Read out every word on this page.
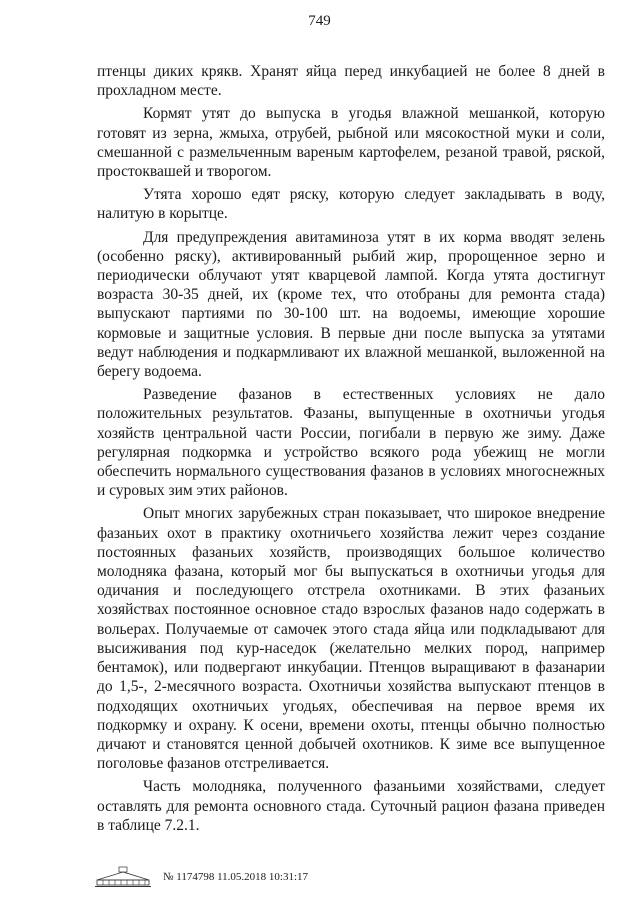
749

птенцы диких крякв. Хранят яйца перед инкубацией не более 8 дней в прохладном месте.

Кормят утят до выпуска в угодья влажной мешанкой, которую готовят из зерна, жмыха, отрубей, рыбной или мясокостной муки и соли, смешанной с размельченным вареным картофелем, резаной травой, ряской, простоквашей и творогом.

Утята хорошо едят ряску, которую следует закладывать в воду, налитую в корытце.

Для предупреждения авитаминоза утят в их корма вводят зелень (особенно ряску), активированный рыбий жир, пророщенное зерно и периодически облучают утят кварцевой лампой. Когда утята достигнут возраста 30-35 дней, их (кроме тех, что отобраны для ремонта стада) выпускают партиями по 30-100 шт. на водоемы, имеющие хорошие кормовые и защитные условия. В первые дни после выпуска за утятами ведут наблюдения и подкармливают их влажной мешанкой, выложенной на берегу водоема.

Разведение фазанов в естественных условиях не дало положительных результатов. Фазаны, выпущенные в охотничьи угодья хозяйств центральной части России, погибали в первую же зиму. Даже регулярная подкормка и устройство всякого рода убежищ не могли обеспечить нормального существования фазанов в условиях многоснежных и суровых зим этих районов.

Опыт многих зарубежных стран показывает, что широкое внедрение фазаньих охот в практику охотничьего хозяйства лежит через создание постоянных фазаньих хозяйств, производящих большое количество молодняка фазана, который мог бы выпускаться в охотничьи угодья для одичания и последующего отстрела охотниками. В этих фазаньих хозяйствах постоянное основное стадо взрослых фазанов надо содержать в вольерах. Получаемые от самочек этого стада яйца или подкладывают для высиживания под кур-наседок (желательно мелких пород, например бентамок), или подвергают инкубации. Птенцов выращивают в фазанарии до 1,5-, 2-месячного возраста. Охотничьи хозяйства выпускают птенцов в подходящих охотничьих угодьях, обеспечивая на первое время их подкормку и охрану. К осени, времени охоты, птенцы обычно полностью дичают и становятся ценной добычей охотников. К зиме все выпущенное поголовье фазанов отстреливается.

Часть молодняка, полученного фазаньими хозяйствами, следует оставлять для ремонта основного стада. Суточный рацион фазана приведен в таблице 7.2.1.

№ 1174798 11.05.2018 10:31:17
